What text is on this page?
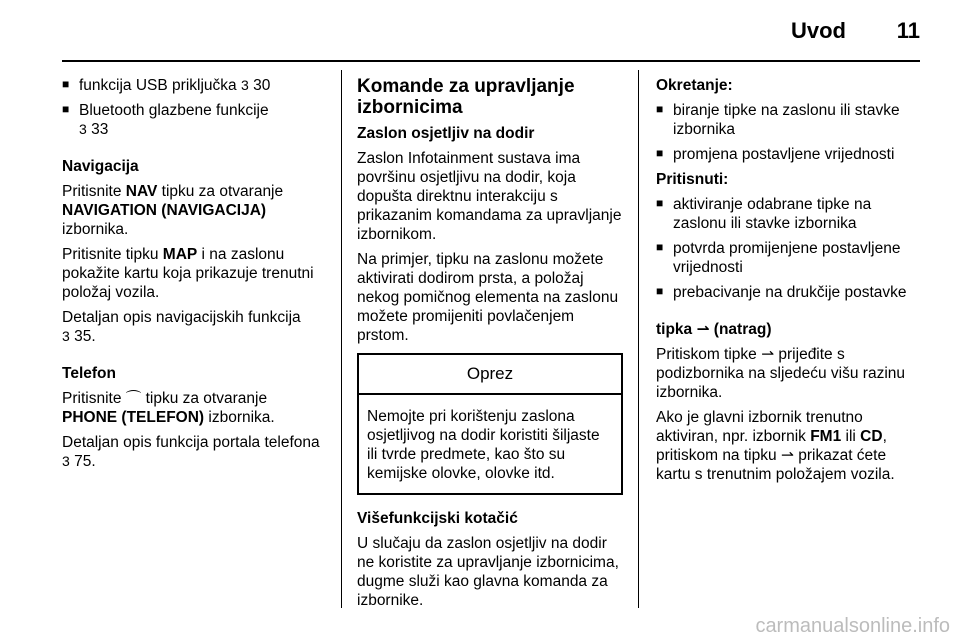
Uvod 11
■ funkcija USB priključka 3 30
■ Bluetooth glazbene funkcije
3 33

Navigacija

Pritisnite NAV tipku za otvaranje
NAVIGATION (NAVIGACIJA)
izbornika.

Pritisnite tipku MAP i na zaslonu pokažite kartu koja prikazuje trenutni položaj vozila.

Detaljan opis navigacijskih funkcija
3 35.

Telefon

Pritisnite ⌒ tipku za otvaranje
PHONE (TELEFON) izbornika.

Detaljan opis funkcija portala telefona
3 75.

Komande za upravljanje izbornicima

Zaslon osjetljiv na dodir

Zaslon Infotainment sustava ima površinu osjetljivu na dodir, koja dopušta direktnu interakciju s prikazanim komandama za upravljanje izbornikom.

Na primjer, tipku na zaslonu možete aktivirati dodirom prsta, a položaj nekog pomičnog elementa na zaslonu možete promijeniti povlačenjem prstom.

Oprez
Nemojte pri korištenju zaslona osjetljivog na dodir koristiti šiljaste ili tvrde predmete, kao što su kemijske olovke, olovke itd.

Višefunkcijski kotačić

U slučaju da zaslon osjetljiv na dodir ne koristite za upravljanje izbornicima, dugme služi kao glavna komanda za izbornike.

Okretanje:

■ biranje tipke na zaslonu ili stavke izbornika
■ promjena postavljene vrijednosti

Pritisnuti:

■ aktiviranje odabrane tipke na zaslonu ili stavke izbornika
■ potvrda promijenjene postavljene vrijednosti
■ prebacivanje na drukčije postavke

tipka ⇀ (natrag)

Pritiskom tipke ⇀ prijeđite s podizbornika na sljedeću višu razinu izbornika.

Ako je glavni izbornik trenutno aktiviran, npr. izbornik FM1 ili CD, pritiskom na tipku ⇀ prikazat ćete kartu s trenutnim položajem vozila.

carmanualsonline.info
